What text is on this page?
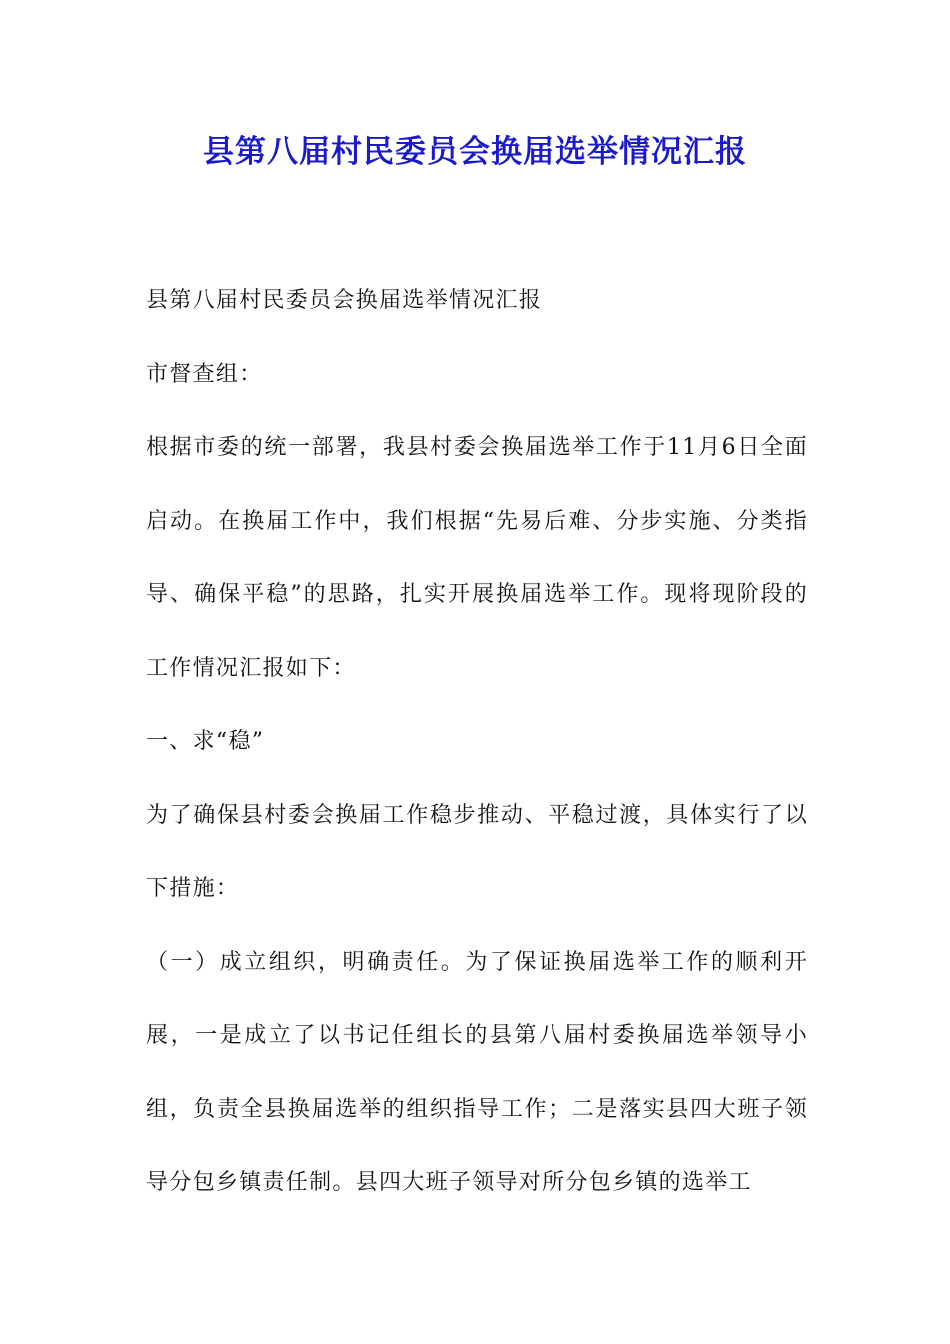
县第八届村民委员会换届选举情况汇报

县第八届村民委员会换届选举情况汇报

市督查组：

根据市委的统一部署，我县村委会换届选举工作于11月6日全面启动。在换届工作中，我们根据“先易后难、分步实施、分类指导、确保平稳”的思路，扎实开展换届选举工作。现将现阶段的工作情况汇报如下：

一、求“稳”

为了确保县村委会换届工作稳步推动、平稳过渡，具体实行了以下措施：

（一）成立组织，明确责任。为了保证换届选举工作的顺利开展，一是成立了以书记任组长的县第八届村委换届选举领导小组，负责全县换届选举的组织指导工作；二是落实县四大班子领导分包乡镇责任制。县四大班子领导对所分包乡镇的选举工
